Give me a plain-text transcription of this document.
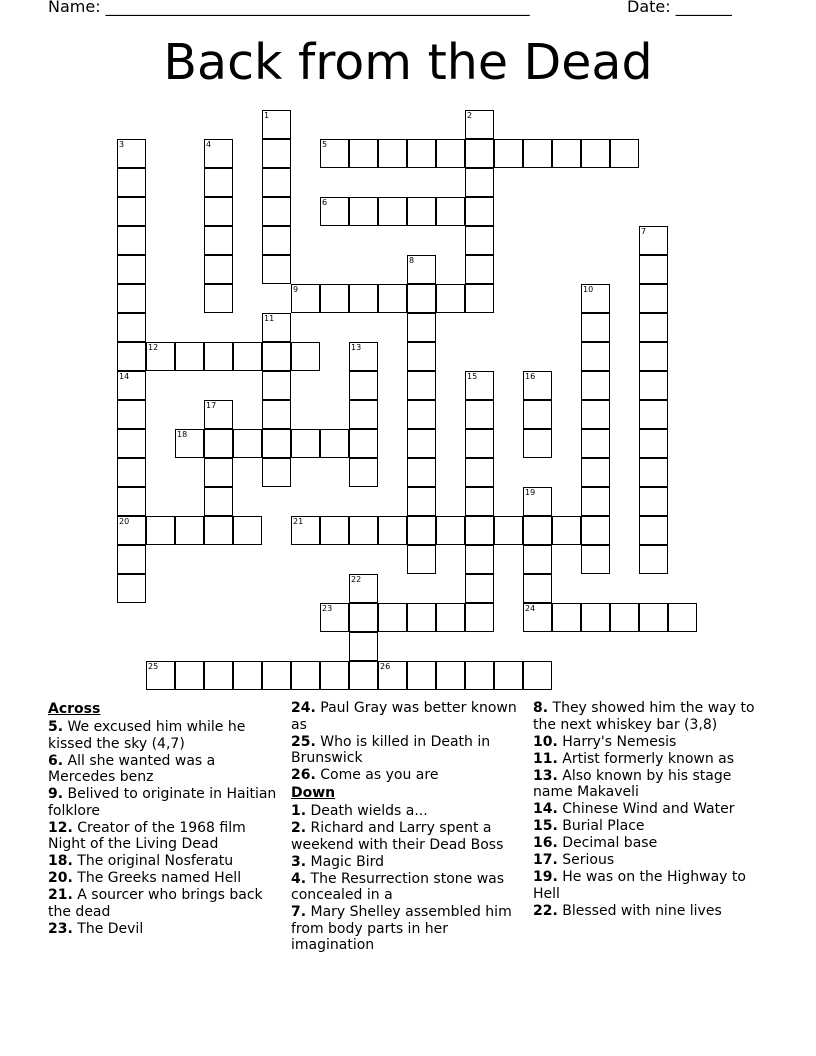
Name: _____________________________________________________	Date: _______
Back from the Dead
1	2
3	4	5
6
7
8
9	10
11
12	13
14
20
15	16
17
18
19
24
21
22
23
25	26
Across
5. We excused him while he kissed the sky (4,7)
6. All she wanted was a Mercedes benz
9. Belived to originate in Haitian folklore
12. Creator of the 1968 film Night of the Living Dead
18. The original Nosferatu
20. The Greeks named Hell
21. A sourcer who brings back the dead
23. The Devil
24. Paul Gray was better known as
25. Who is killed in Death in Brunswick
26. Come as you are
Down
1. Death wields a...
2. Richard and Larry spent a weekend with their Dead Boss
3. Magic Bird
4. The Resurrection stone was concealed in a
7. Mary Shelley assembled him from body parts in her imagination
8. They showed him the way to the next whiskey bar (3,8)
10. Harry's Nemesis
11. Artist formerly known as
13. Also known by his stage name Makaveli
14. Chinese Wind and Water
15. Burial Place
16. Decimal base
17. Serious
19. He was on the Highway to Hell
22. Blessed with nine lives
